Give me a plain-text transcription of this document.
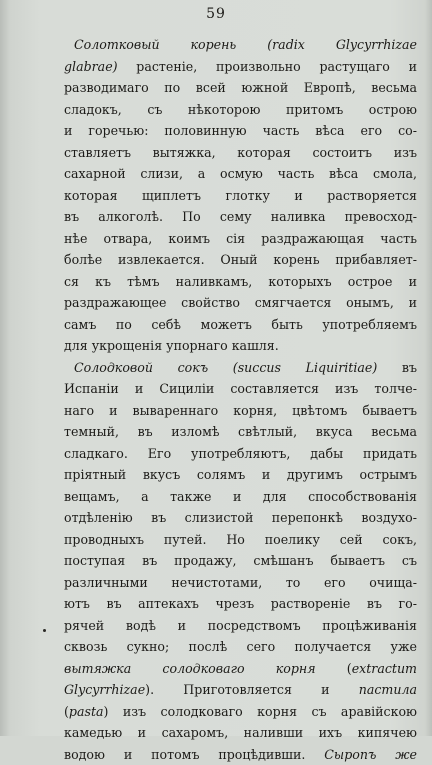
59
Солотковый корень (radix Glycyrrhizae
glabrae) растеніе, произвольно растущаго и
разводимаго по всей южной Европѣ, весьма
сладокъ, съ нѣкоторою притомъ острою
и горечью: половинную часть вѣса его со-
ставляетъ вытяжка, которая состоитъ изъ
сахарной слизи, а осмую часть вѣса смола,
которая щиплетъ глотку и растворяется
въ алкоголѣ. По сему наливка превосход-
нѣе отвара, коимъ сія раздражающая часть
болѣе извлекается. Оный корень прибавляет-
ся къ тѣмъ наливкамъ, которыхъ острое и
раздражающее свойство смягчается онымъ, и
самъ по себѣ можетъ быть употребляемъ
для укрощенія упорнаго кашля.
Солодковой сокъ (succus Liquiritiae) въ
Испаніи и Сициліи составляется изъ толче-
наго и вывареннаго корня, цвѣтомъ бываетъ
темный, въ изломѣ свѣтлый, вкуса весьма
сладкаго. Его употребляютъ, дабы придать
пріятный вкусъ солямъ и другимъ острымъ
вещамъ, а также и для способствованія
отдѣленію въ слизистой перепонкѣ воздухо-
проводныхъ путей. Но поелику сей сокъ,
поступая въ продажу, смѣшанъ бываетъ съ
различными нечистотами, то его очища-
ютъ въ аптекахъ чрезъ раствореніе въ го-
рячей водѣ и посредствомъ процѣживанія
сквозь сукно; послѣ сего получается уже
вытяжка солодковаго корня (extractum
Glycyrrhizae). Приготовляется и пастила
(pasta) изъ солодковаго корня съ аравійскою
камедью и сахаромъ, наливши ихъ кипячею
водою и потомъ процѣдивши. Сыропъ же
